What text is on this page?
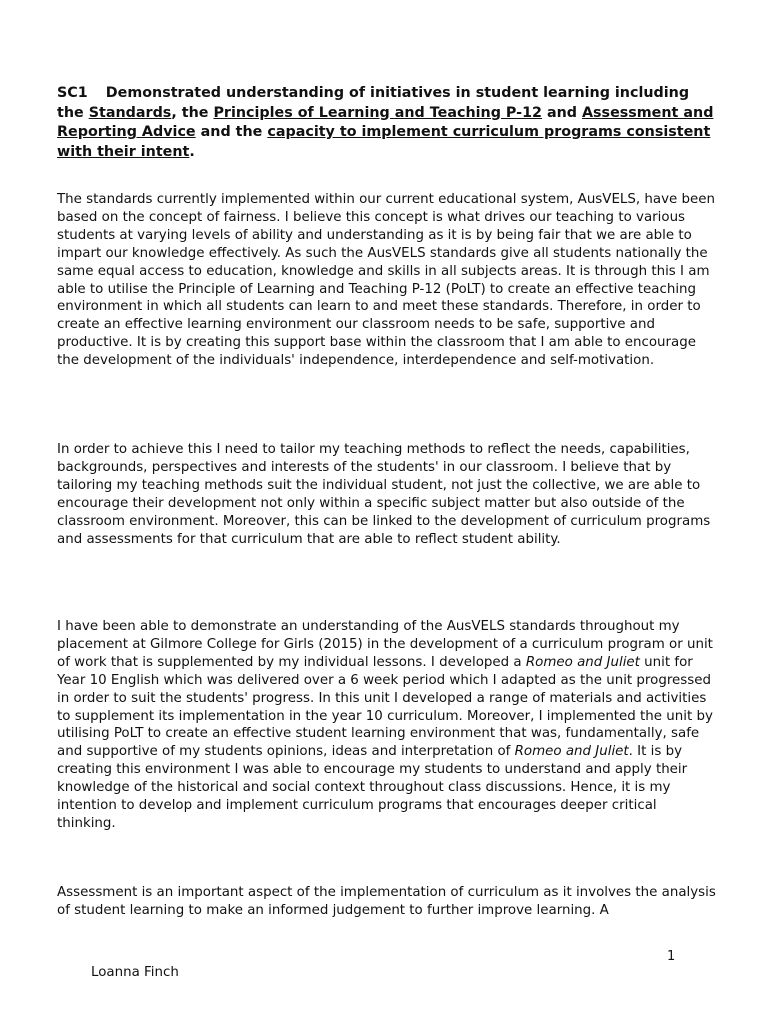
SC1 Demonstrated understanding of initiatives in student learning including the Standards, the Principles of Learning and Teaching P-12 and Assessment and Reporting Advice and the capacity to implement curriculum programs consistent with their intent.

The standards currently implemented within our current educational system, AusVELS, have been based on the concept of fairness. I believe this concept is what drives our teaching to various students at varying levels of ability and understanding as it is by being fair that we are able to impart our knowledge effectively. As such the AusVELS standards give all students nationally the same equal access to education, knowledge and skills in all subjects areas. It is through this I am able to utilise the Principle of Learning and Teaching P-12 (PoLT) to create an effective teaching environment in which all students can learn to and meet these standards. Therefore, in order to create an effective learning environment our classroom needs to be safe, supportive and productive. It is by creating this support base within the classroom that I am able to encourage the development of the individuals' independence, interdependence and self-motivation.

In order to achieve this I need to tailor my teaching methods to reflect the needs, capabilities, backgrounds, perspectives and interests of the students' in our classroom. I believe that by tailoring my teaching methods suit the individual student, not just the collective, we are able to encourage their development not only within a specific subject matter but also outside of the classroom environment. Moreover, this can be linked to the development of curriculum programs and assessments for that curriculum that are able to reflect student ability.

I have been able to demonstrate an understanding of the AusVELS standards throughout my placement at Gilmore College for Girls (2015) in the development of a curriculum program or unit of work that is supplemented by my individual lessons. I developed a Romeo and Juliet unit for Year 10 English which was delivered over a 6 week period which I adapted as the unit progressed in order to suit the students' progress. In this unit I developed a range of materials and activities to supplement its implementation in the year 10 curriculum. Moreover, I implemented the unit by utilising PoLT to create an effective student learning environment that was, fundamentally, safe and supportive of my students opinions, ideas and interpretation of Romeo and Juliet. It is by creating this environment I was able to encourage my students to understand and apply their knowledge of the historical and social context throughout class discussions. Hence, it is my intention to develop and implement curriculum programs that encourages deeper critical thinking.

Assessment is an important aspect of the implementation of curriculum as it involves the analysis of student learning to make an informed judgement to further improve learning. A

1
Loanna Finch
